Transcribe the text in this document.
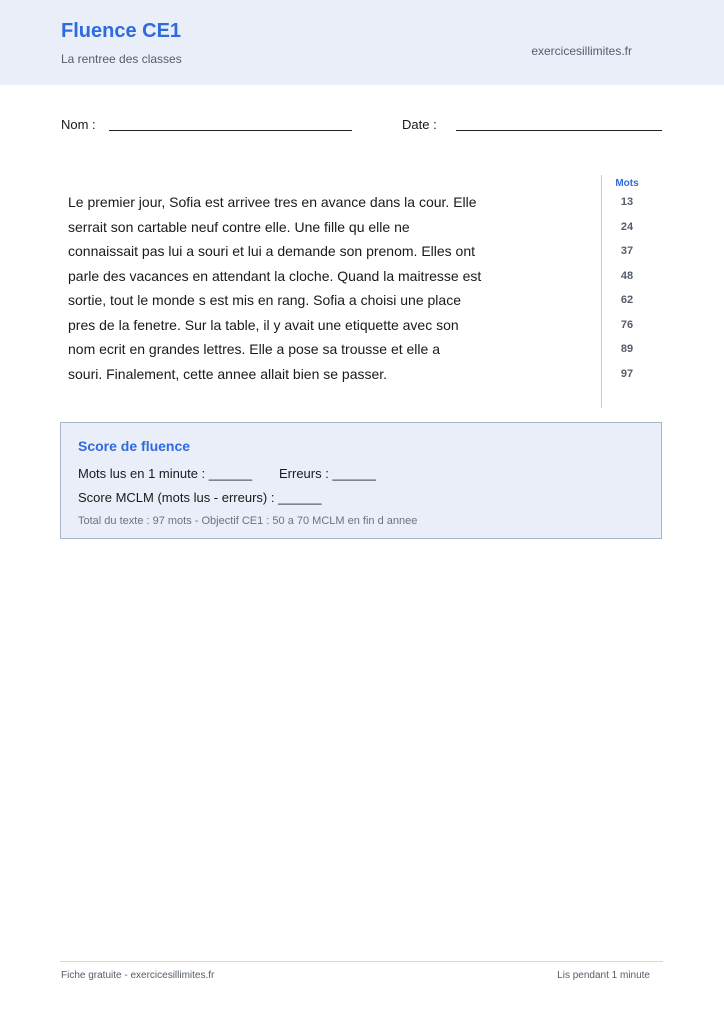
Fluence CE1
La rentree des classes
exercicesillimites.fr
Nom :	Date :
Le premier jour, Sofia est arrivee tres en avance dans la cour. Elle
serrait son cartable neuf contre elle. Une fille qu elle ne
connaissait pas lui a souri et lui a demande son prenom. Elles ont
parle des vacances en attendant la cloche. Quand la maitresse est
sortie, tout le monde s est mis en rang. Sofia a choisi une place
pres de la fenetre. Sur la table, il y avait une etiquette avec son
nom ecrit en grandes lettres. Elle a pose sa trousse et elle a
souri. Finalement, cette annee allait bien se passer.
Mots
13
24
37
48
62
76
89
97
Score de fluence
Mots lus en 1 minute : ______ Erreurs : ______
Score MCLM (mots lus - erreurs) : ______
Total du texte : 97 mots - Objectif CE1 : 50 a 70 MCLM en fin d annee
Fiche gratuite - exercicesillimites.fr	Lis pendant 1 minute
